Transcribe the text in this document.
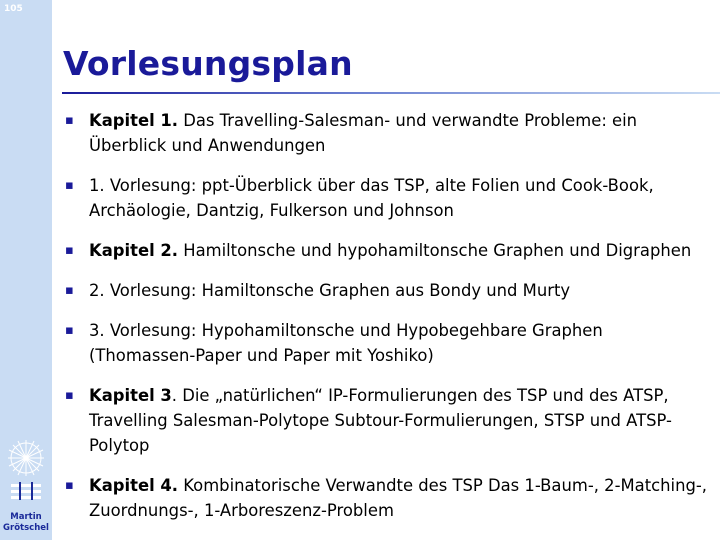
105
Martin
Grötschel
Vorlesungsplan
▪ Kapitel 1. Das Travelling-Salesman- und verwandte Probleme: ein Überblick und Anwendungen
▪ 1. Vorlesung: ppt-Überblick über das TSP, alte Folien und Cook-Book, Archäologie, Dantzig, Fulkerson und Johnson
▪ Kapitel 2. Hamiltonsche und hypohamiltonsche Graphen und Digraphen
▪ 2. Vorlesung: Hamiltonsche Graphen aus Bondy und Murty
▪ 3. Vorlesung: Hypohamiltonsche und Hypobegehbare Graphen (Thomassen-Paper und Paper mit Yoshiko)
▪ Kapitel 3. Die „natürlichen“ IP-Formulierungen des TSP und des ATSP, Travelling Salesman-Polytope Subtour-Formulierungen, STSP und ATSP-Polytop
▪ Kapitel 4. Kombinatorische Verwandte des TSP Das 1-Baum-, 2-Matching-, Zuordnungs-, 1-Arboreszenz-Problem
